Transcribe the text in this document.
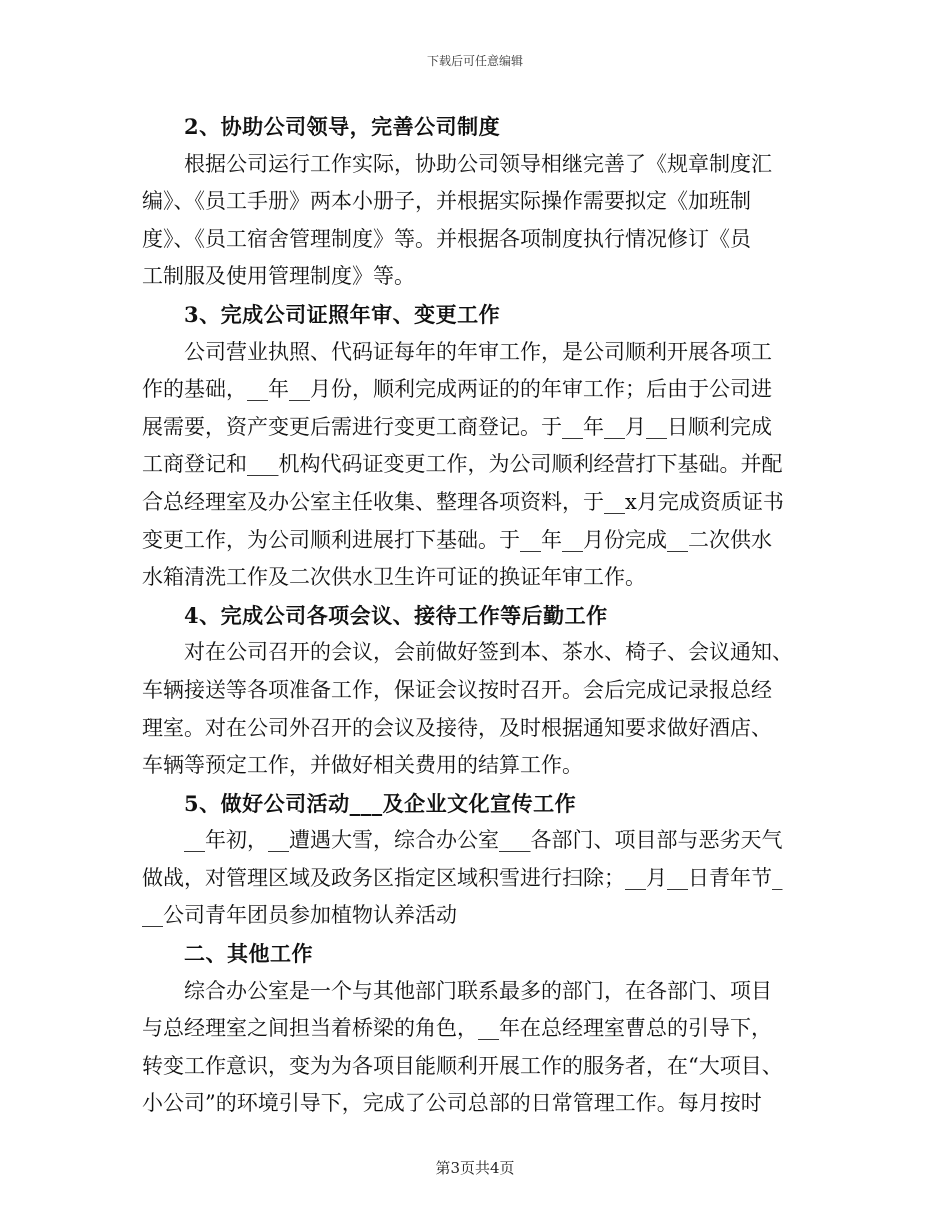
下载后可任意编辑
2、协助公司领导，完善公司制度
根据公司运行工作实际，协助公司领导相继完善了《规章制度汇
编》、《员工手册》两本小册子，并根据实际操作需要拟定《加班制
度》、《员工宿舍管理制度》等。并根据各项制度执行情况修订《员
工制服及使用管理制度》等。
3、完成公司证照年审、变更工作
公司营业执照、代码证每年的年审工作，是公司顺利开展各项工
作的基础，__年__月份，顺利完成两证的的年审工作；后由于公司进
展需要，资产变更后需进行变更工商登记。于__年__月__日顺利完成
工商登记和___机构代码证变更工作，为公司顺利经营打下基础。并配
合总经理室及办公室主任收集、整理各项资料，于__x月完成资质证书
变更工作，为公司顺利进展打下基础。于__年__月份完成__二次供水
水箱清洗工作及二次供水卫生许可证的换证年审工作。
4、完成公司各项会议、接待工作等后勤工作
对在公司召开的会议，会前做好签到本、茶水、椅子、会议通知、
车辆接送等各项准备工作，保证会议按时召开。会后完成记录报总经
理室。对在公司外召开的会议及接待，及时根据通知要求做好酒店、
车辆等预定工作，并做好相关费用的结算工作。
5、做好公司活动___及企业文化宣传工作
__年初，__遭遇大雪，综合办公室___各部门、项目部与恶劣天气
做战，对管理区域及政务区指定区域积雪进行扫除；__月__日青年节_
__公司青年团员参加植物认养活动
二、其他工作
综合办公室是一个与其他部门联系最多的部门，在各部门、项目
与总经理室之间担当着桥梁的角色，__年在总经理室曹总的引导下，
转变工作意识，变为为各项目能顺利开展工作的服务者，在“大项目、
小公司”的环境引导下，完成了公司总部的日常管理工作。每月按时
第3页共4页
